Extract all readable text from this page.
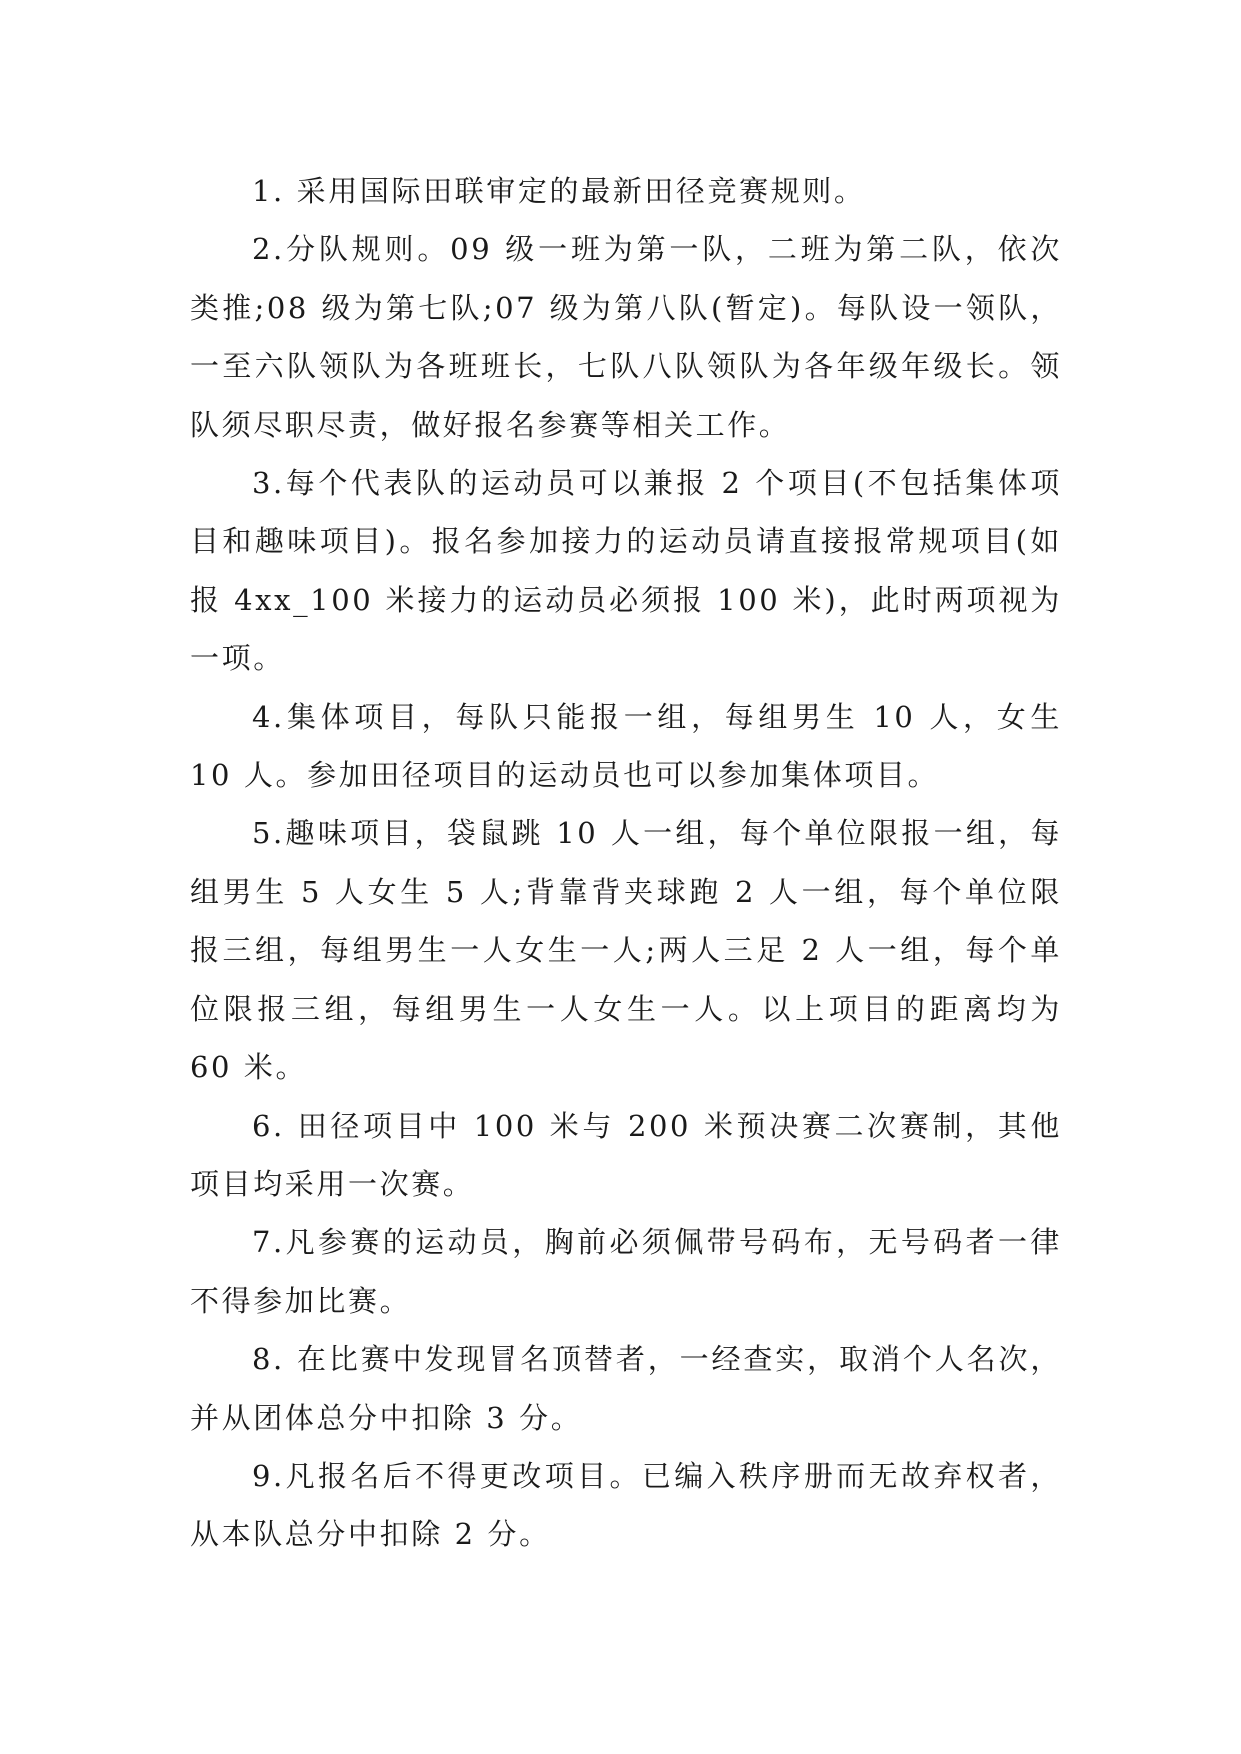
1. 采用国际田联审定的最新田径竞赛规则。

2.分队规则。09 级一班为第一队，二班为第二队，依次类推;08 级为第七队;07 级为第八队(暂定)。每队设一领队，一至六队领队为各班班长，七队八队领队为各年级年级长。领队须尽职尽责，做好报名参赛等相关工作。

3.每个代表队的运动员可以兼报 2 个项目(不包括集体项目和趣味项目)。报名参加接力的运动员请直接报常规项目(如报 4xx_100 米接力的运动员必须报 100 米)，此时两项视为一项。

4.集体项目，每队只能报一组，每组男生 10 人，女生 10 人。参加田径项目的运动员也可以参加集体项目。

5.趣味项目，袋鼠跳 10 人一组，每个单位限报一组，每组男生 5 人女生 5 人;背靠背夹球跑 2 人一组，每个单位限报三组，每组男生一人女生一人;两人三足 2 人一组，每个单位限报三组，每组男生一人女生一人。以上项目的距离均为 60 米。

6. 田径项目中 100 米与 200 米预决赛二次赛制，其他项目均采用一次赛。

7.凡参赛的运动员，胸前必须佩带号码布，无号码者一律不得参加比赛。

8. 在比赛中发现冒名顶替者，一经查实，取消个人名次，并从团体总分中扣除 3 分。

9.凡报名后不得更改项目。已编入秩序册而无故弃权者，从本队总分中扣除 2 分。
